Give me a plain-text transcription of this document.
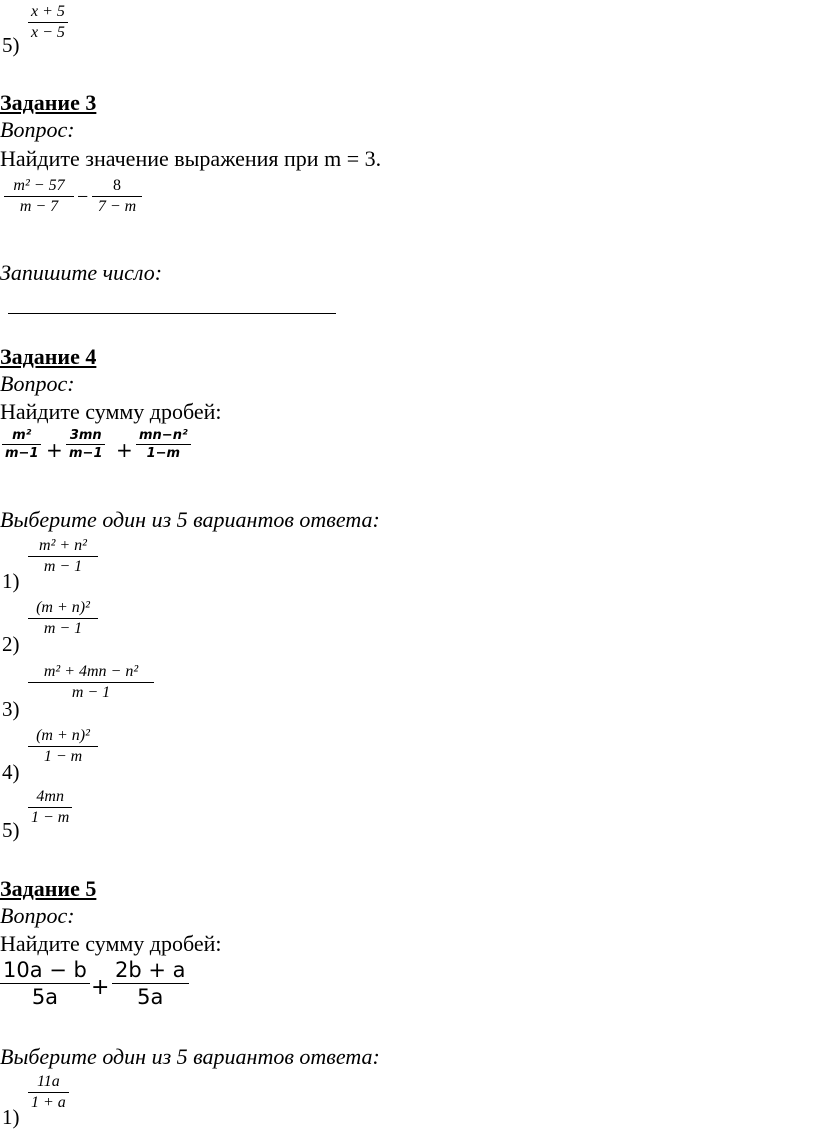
5)
x + 5
x − 5
Задание 3
Вопрос:
Найдите значение выражения при m = 3.
m² − 57
m − 7 −
8
7 − m
Запишите число:
Задание 4
Вопрос:
Найдите сумму дробей:
m²
m−1 +
3mn
m−1 +
mn−n²
1−m
Выберите один из 5 вариантов ответа:
1)
m² + n²
m − 1
2)
(m + n)²
m − 1
3)
m² + 4mn − n²
m − 1
4)
(m + n)²
1 − m
5)
4mn
1 − m
Задание 5
Вопрос:
Найдите сумму дробей:
10a − b
5a +
2b + a
5a
Выберите один из 5 вариантов ответа:
1)
11a
1 + a
